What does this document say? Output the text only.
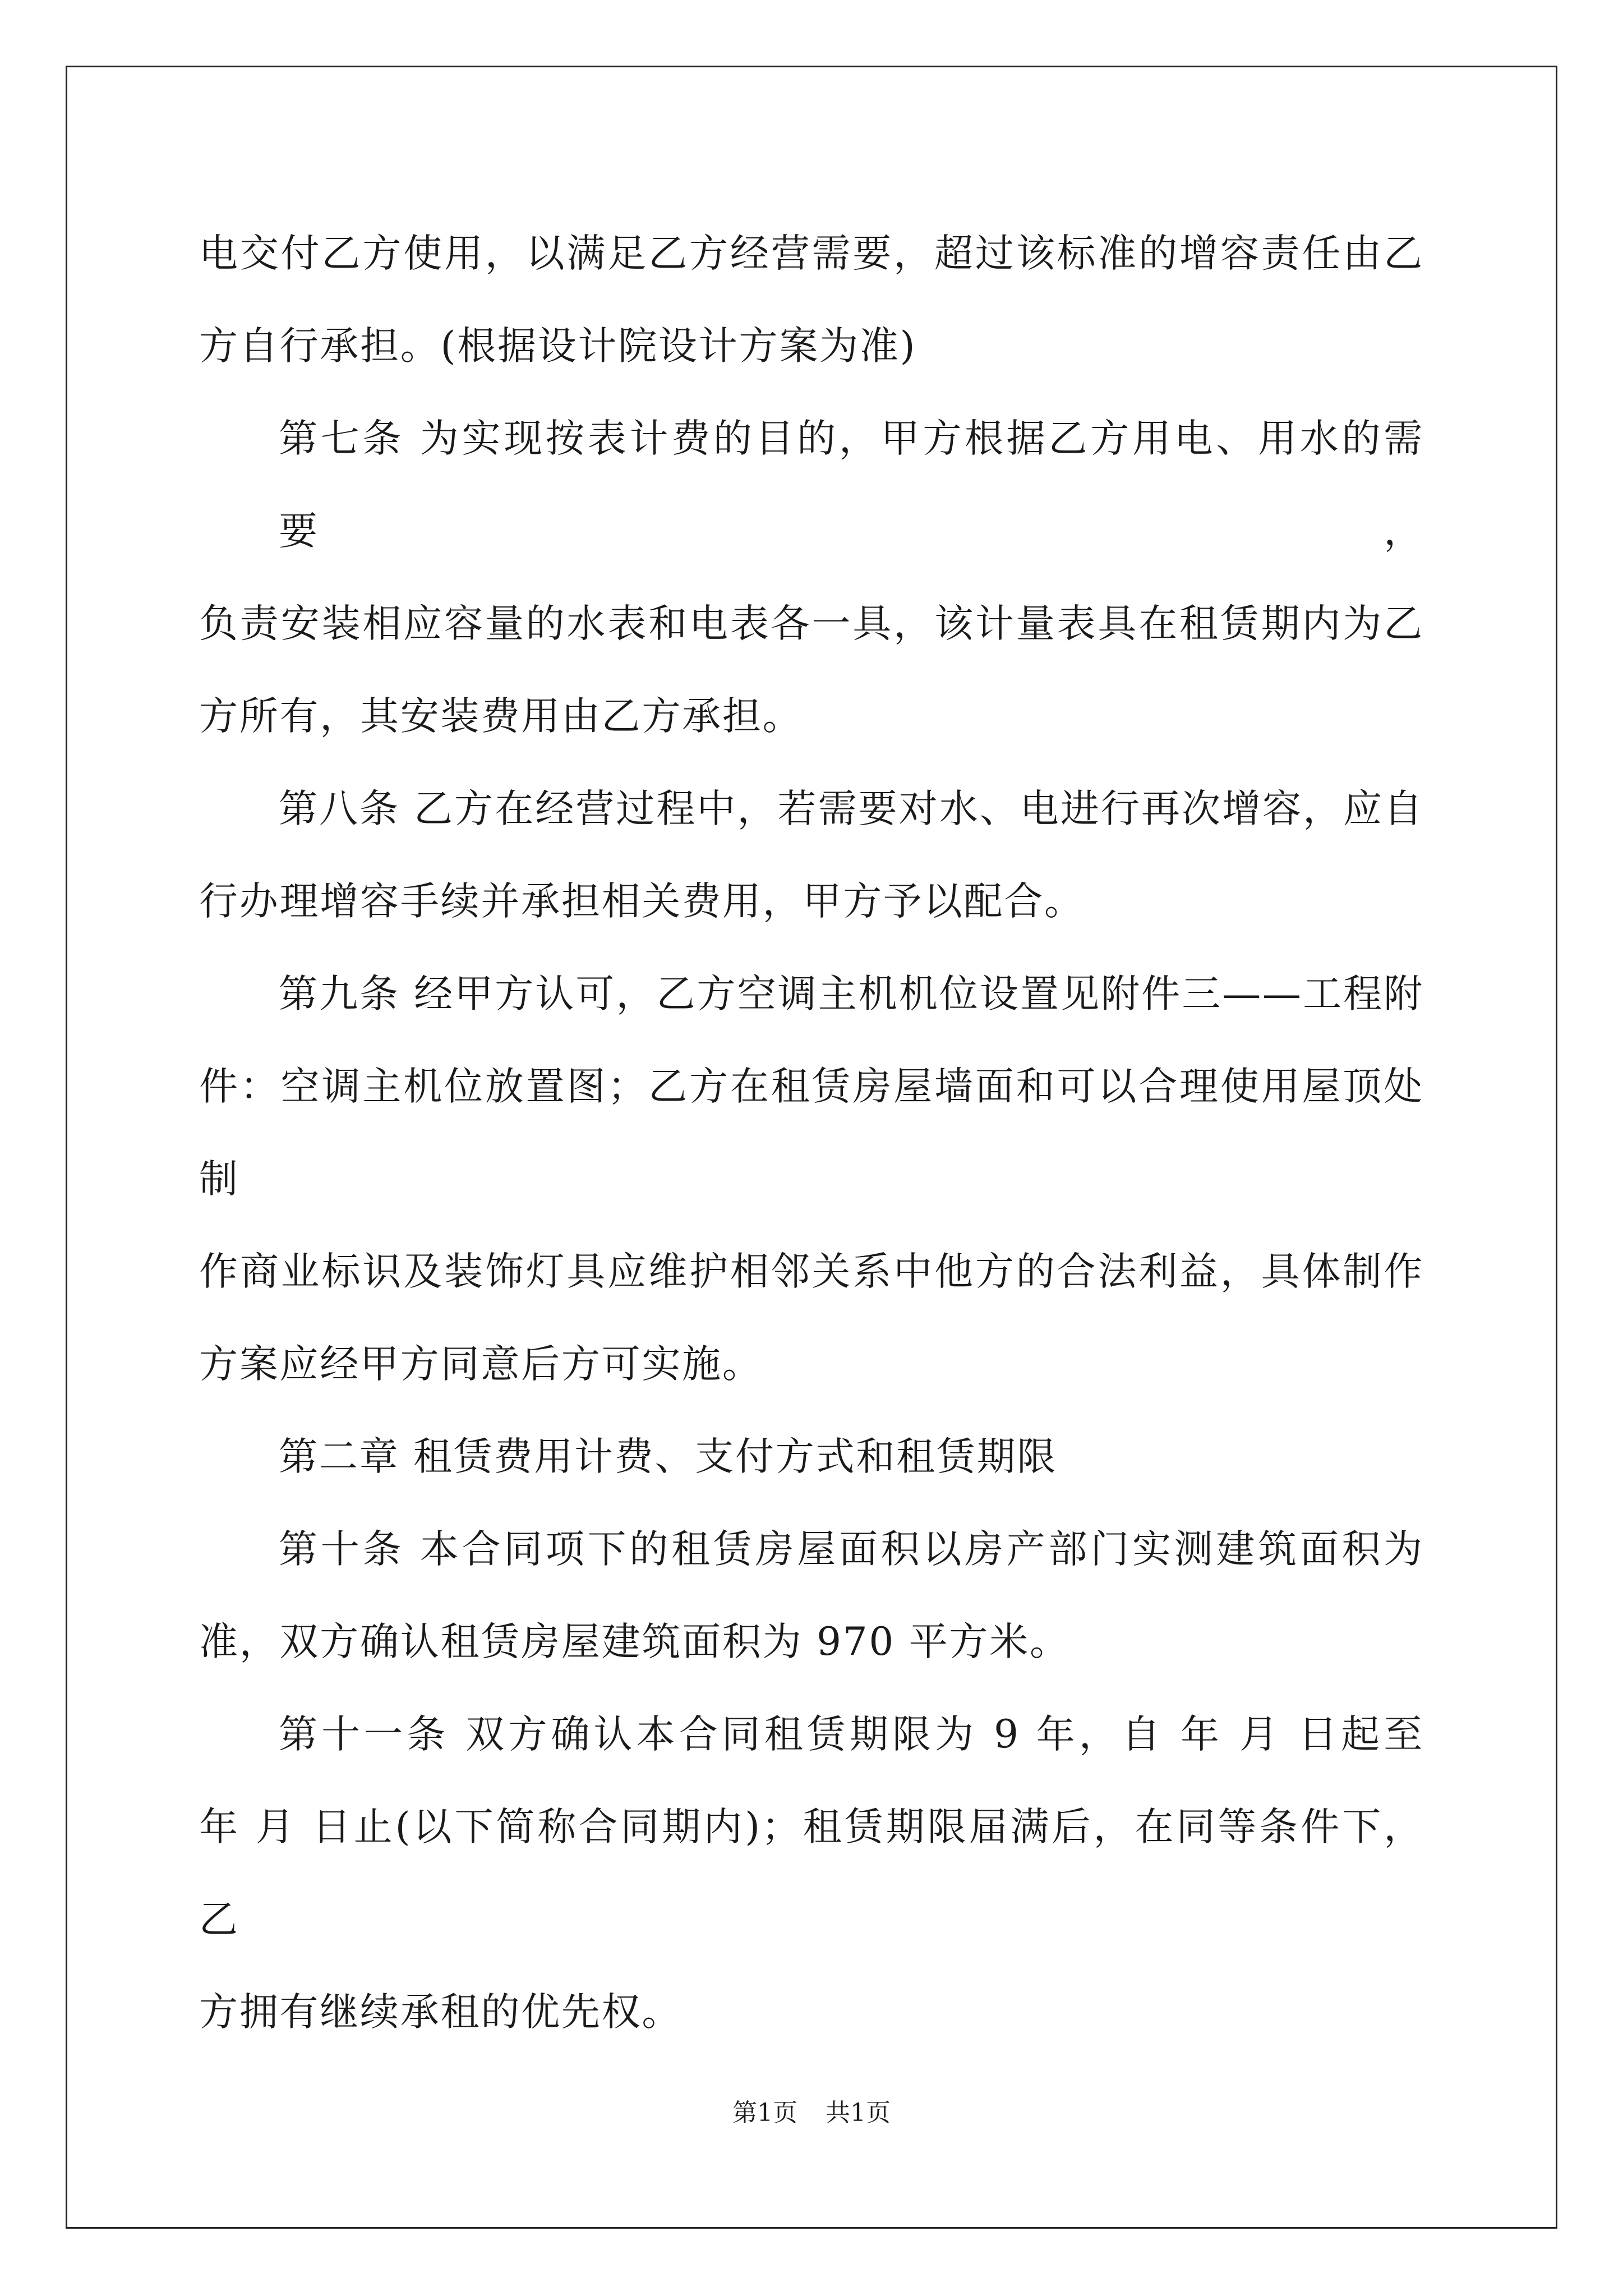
电交付乙方使用，以满足乙方经营需要，超过该标准的增容责任由乙
方自行承担。(根据设计院设计方案为准)

第七条 为实现按表计费的目的，甲方根据乙方用电、用水的需要，

负责安装相应容量的水表和电表各一具，该计量表具在租赁期内为乙
方所有，其安装费用由乙方承担。

第八条 乙方在经营过程中，若需要对水、电进行再次增容，应自

行办理增容手续并承担相关费用，甲方予以配合。

第九条 经甲方认可，乙方空调主机机位设置见附件三——工程附

件：空调主机位放置图；乙方在租赁房屋墙面和可以合理使用屋顶处制
作商业标识及装饰灯具应维护相邻关系中他方的合法利益，具体制作
方案应经甲方同意后方可实施。

第二章 租赁费用计费、支付方式和租赁期限

第十条 本合同项下的租赁房屋面积以房产部门实测建筑面积为

准，双方确认租赁房屋建筑面积为 970 平方米。

第十一条 双方确认本合同租赁期限为 9 年，自 年 月 日起至

年 月 日止(以下简称合同期内)；租赁期限届满后，在同等条件下，乙
方拥有继续承租的优先权。

第1页 共1页
